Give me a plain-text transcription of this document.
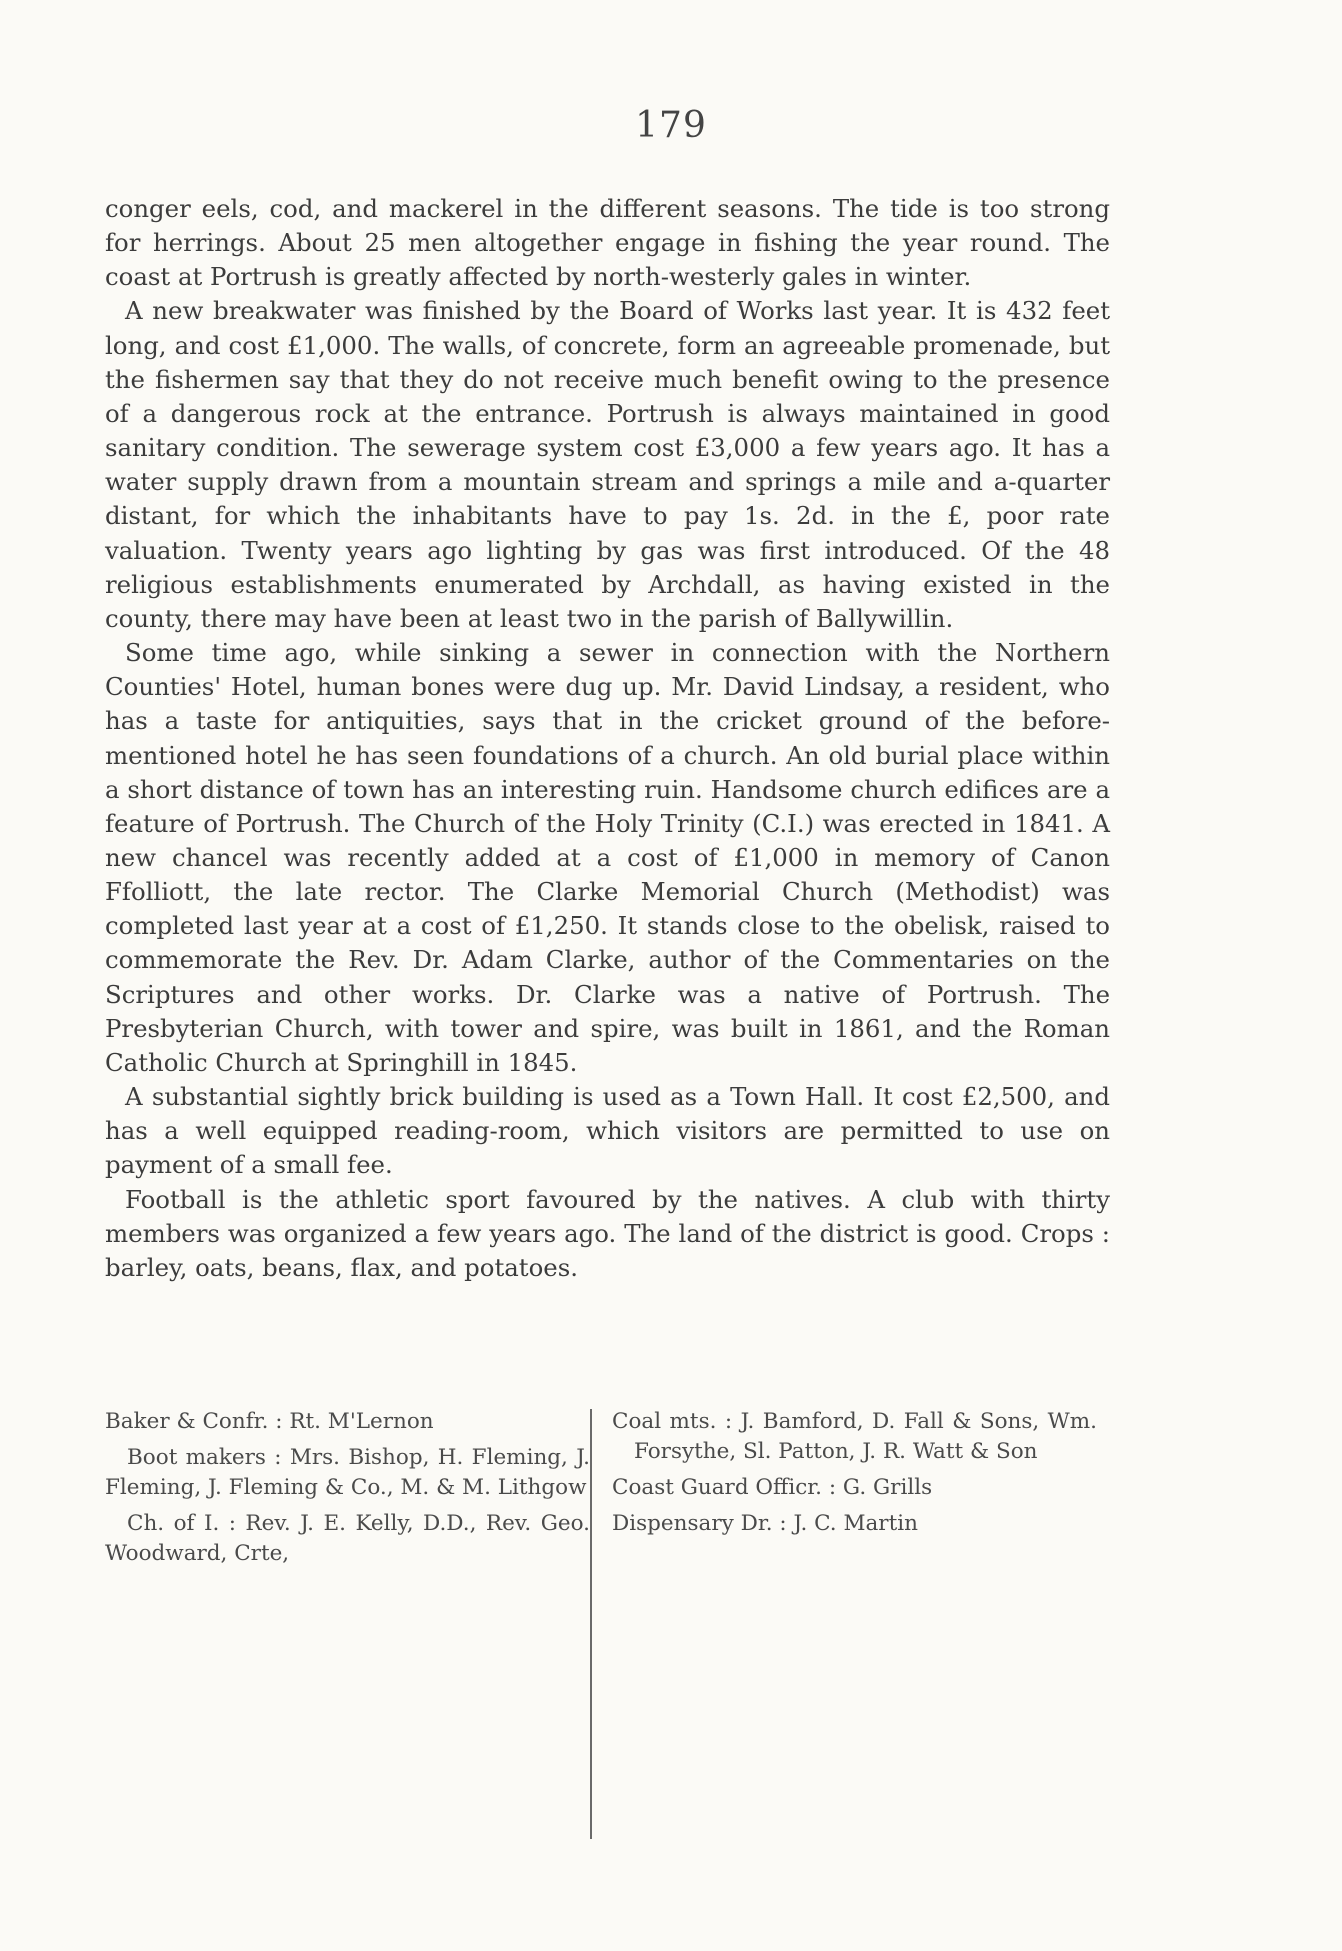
179

conger eels, cod, and mackerel in the different seasons. The tide is too strong for herrings. About 25 men altogether engage in fishing the year round. The coast at Portrush is greatly affected by north-westerly gales in winter.

A new breakwater was finished by the Board of Works last year. It is 432 feet long, and cost £1,000. The walls, of concrete, form an agreeable promenade, but the fishermen say that they do not receive much benefit owing to the presence of a dangerous rock at the entrance. Portrush is always maintained in good sanitary condition. The sewerage system cost £3,000 a few years ago. It has a water supply drawn from a mountain stream and springs a mile and a-quarter distant, for which the inhabitants have to pay 1s. 2d. in the £, poor rate valuation. Twenty years ago lighting by gas was first introduced. Of the 48 religious establishments enumerated by Archdall, as having existed in the county, there may have been at least two in the parish of Ballywillin.

Some time ago, while sinking a sewer in connection with the Northern Counties' Hotel, human bones were dug up. Mr. David Lindsay, a resident, who has a taste for antiquities, says that in the cricket ground of the before-mentioned hotel he has seen foundations of a church. An old burial place within a short distance of town has an interesting ruin. Handsome church edifices are a feature of Portrush. The Church of the Holy Trinity (C.I.) was erected in 1841. A new chancel was recently added at a cost of £1,000 in memory of Canon Ffolliott, the late rector. The Clarke Memorial Church (Methodist) was completed last year at a cost of £1,250. It stands close to the obelisk, raised to commemorate the Rev. Dr. Adam Clarke, author of the Commentaries on the Scriptures and other works. Dr. Clarke was a native of Portrush. The Presbyterian Church, with tower and spire, was built in 1861, and the Roman Catholic Church at Springhill in 1845.

A substantial sightly brick building is used as a Town Hall. It cost £2,500, and has a well equipped reading-room, which visitors are permitted to use on payment of a small fee.

Football is the athletic sport favoured by the natives. A club with thirty members was organized a few years ago. The land of the district is good. Crops : barley, oats, beans, flax, and potatoes.

Baker & Confr. : Rt. M'Lernon
Boot makers : Mrs. Bishop, H. Fleming, J. Fleming, J. Fleming & Co., M. & M. Lithgow
Ch. of I. : Rev. J. E. Kelly, D.D., Rev. Geo. Woodward, Crte,
Coal mts. : J. Bamford, D. Fall & Sons, Wm. Forsythe, Sl. Patton, J. R. Watt & Son
Coast Guard Officr. : G. Grills
Dispensary Dr. : J. C. Martin
